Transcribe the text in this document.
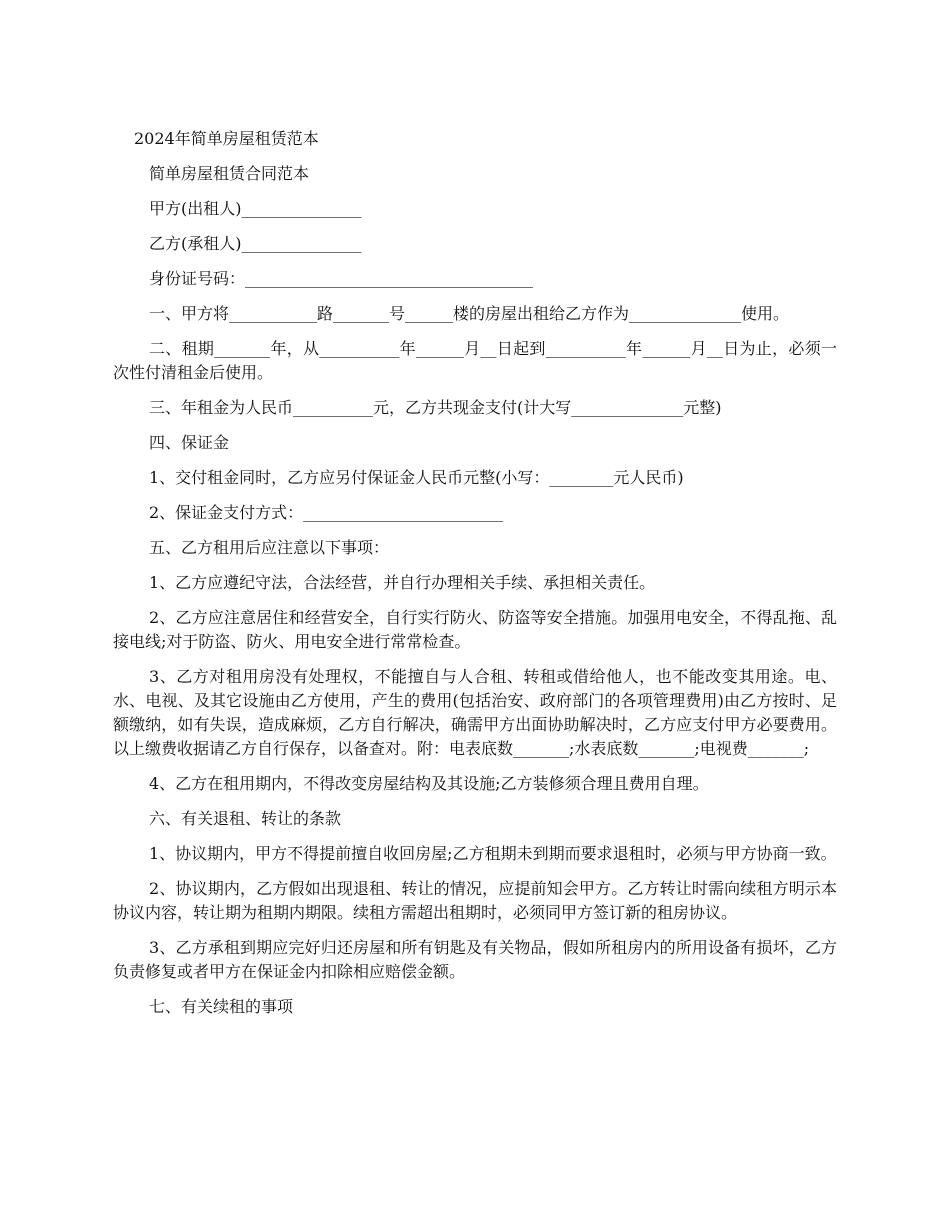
2024年简单房屋租赁范本

简单房屋租赁合同范本

甲方(出租人)_______________

乙方(承租人)_______________

身份证号码：____________________________________

一、甲方将___________路_______号______楼的房屋出租给乙方作为______________使用。

二、租期_______年，从__________年______月__日起到__________年______月__日为止，必须一次性付清租金后使用。

三、年租金为人民币__________元，乙方共现金支付(计大写______________元整)

四、保证金

1、交付租金同时，乙方应另付保证金人民币元整(小写：________元人民币)

2、保证金支付方式：_________________________

五、乙方租用后应注意以下事项：

1、乙方应遵纪守法，合法经营，并自行办理相关手续、承担相关责任。

2、乙方应注意居住和经营安全，自行实行防火、防盗等安全措施。加强用电安全，不得乱拖、乱接电线;对于防盗、防火、用电安全进行常常检查。

3、乙方对租用房没有处理权，不能擅自与人合租、转租或借给他人，也不能改变其用途。电、水、电视、及其它设施由乙方使用，产生的费用(包括治安、政府部门的各项管理费用)由乙方按时、足额缴纳，如有失误，造成麻烦，乙方自行解决，确需甲方出面协助解决时，乙方应支付甲方必要费用。以上缴费收据请乙方自行保存，以备查对。附：电表底数_______;水表底数_______;电视费_______;

4、乙方在租用期内，不得改变房屋结构及其设施;乙方装修须合理且费用自理。

六、有关退租、转让的条款

1、协议期内，甲方不得提前擅自收回房屋;乙方租期未到期而要求退租时，必须与甲方协商一致。

2、协议期内，乙方假如出现退租、转让的情况，应提前知会甲方。乙方转让时需向续租方明示本协议内容，转让期为租期内期限。续租方需超出租期时，必须同甲方签订新的租房协议。

3、乙方承租到期应完好归还房屋和所有钥匙及有关物品，假如所租房内的所用设备有损坏，乙方负责修复或者甲方在保证金内扣除相应赔偿金额。

七、有关续租的事项
